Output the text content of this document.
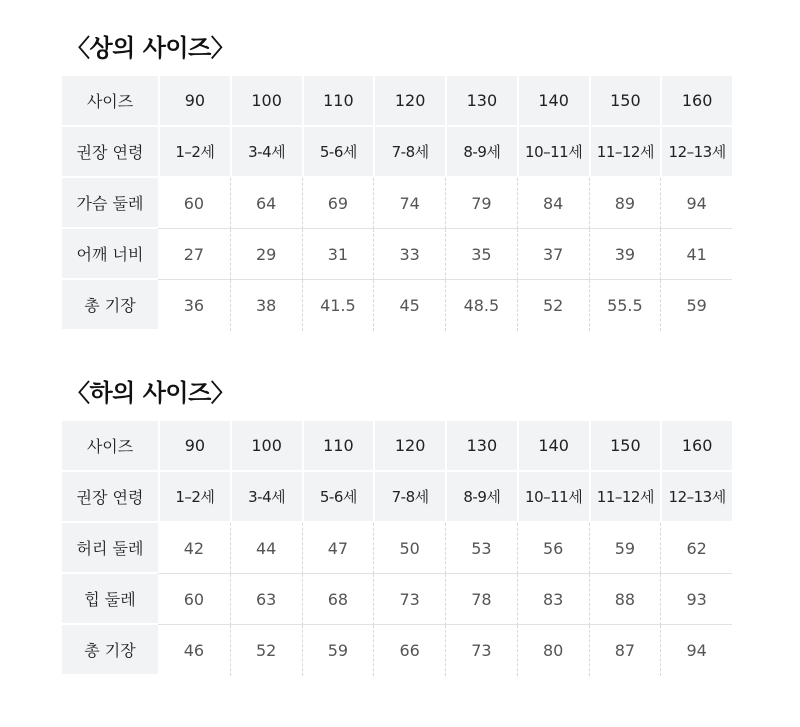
〈상의 사이즈〉
사이즈	90	100	110	120	130	140	150	160
권장 연령	1–2세	3-4세	5-6세	7-8세	8-9세	10–11세	11–12세	12–13세
가슴 둘레	60	64	69	74	79	84	89	94
어깨 너비	27	29	31	33	35	37	39	41
총 기장	36	38	41.5	45	48.5	52	55.5	59
〈하의 사이즈〉
사이즈	90	100	110	120	130	140	150	160
권장 연령	1–2세	3-4세	5-6세	7-8세	8-9세	10–11세	11–12세	12–13세
허리 둘레	42	44	47	50	53	56	59	62
힙 둘레	60	63	68	73	78	83	88	93
총 기장	46	52	59	66	73	80	87	94
